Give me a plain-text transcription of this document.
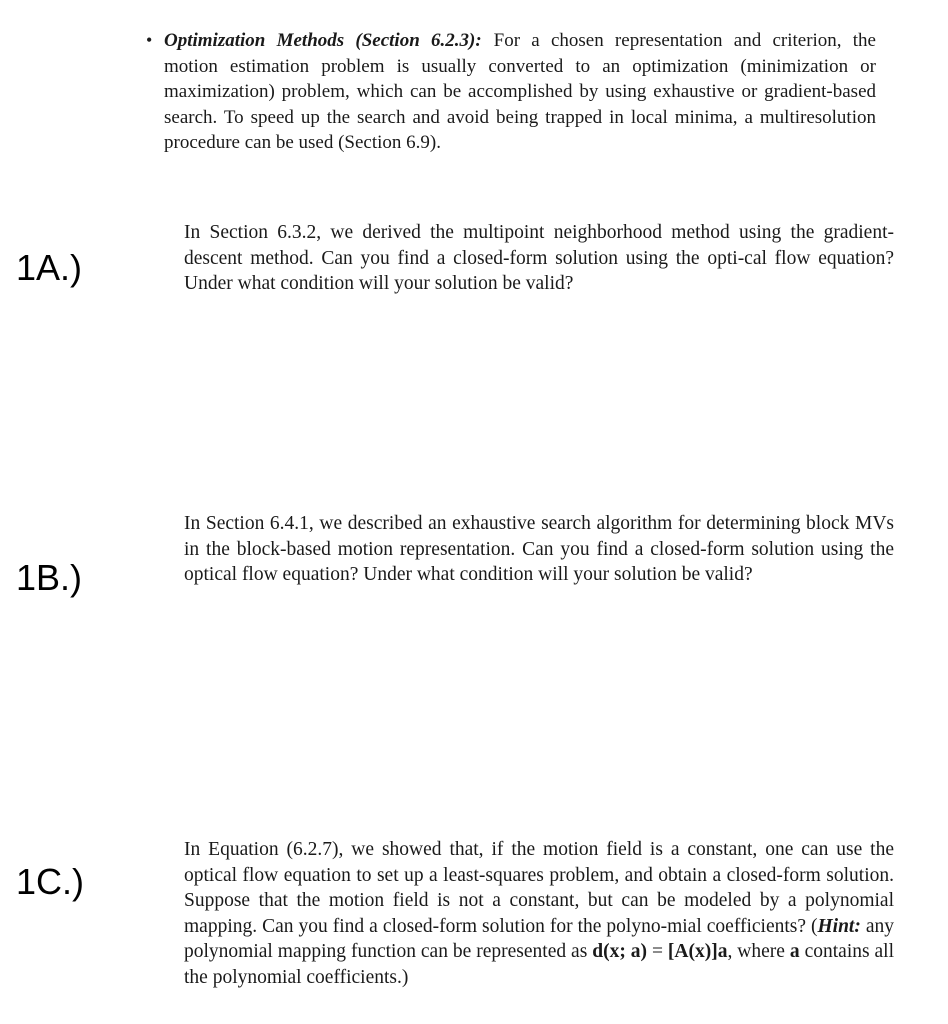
• Optimization Methods (Section 6.2.3): For a chosen representation and criterion, the motion estimation problem is usually converted to an optimization (minimization or maximization) problem, which can be accomplished by using exhaustive or gradient-based search. To speed up the search and avoid being trapped in local minima, a multiresolution procedure can be used (Section 6.9).
1A.)
In Section 6.3.2, we derived the multipoint neighborhood method using the gradient-descent method. Can you find a closed-form solution using the opti-cal flow equation? Under what condition will your solution be valid?
1B.)
In Section 6.4.1, we described an exhaustive search algorithm for determining block MVs in the block-based motion representation. Can you find a closed-form solution using the optical flow equation? Under what condition will your solution be valid?
1C.)
In Equation (6.2.7), we showed that, if the motion field is a constant, one can use the optical flow equation to set up a least-squares problem, and obtain a closed-form solution. Suppose that the motion field is not a constant, but can be modeled by a polynomial mapping. Can you find a closed-form solution for the polyno-mial coefficients? (Hint: any polynomial mapping function can be represented as d(x; a) = [A(x)]a, where a contains all the polynomial coefficients.)
